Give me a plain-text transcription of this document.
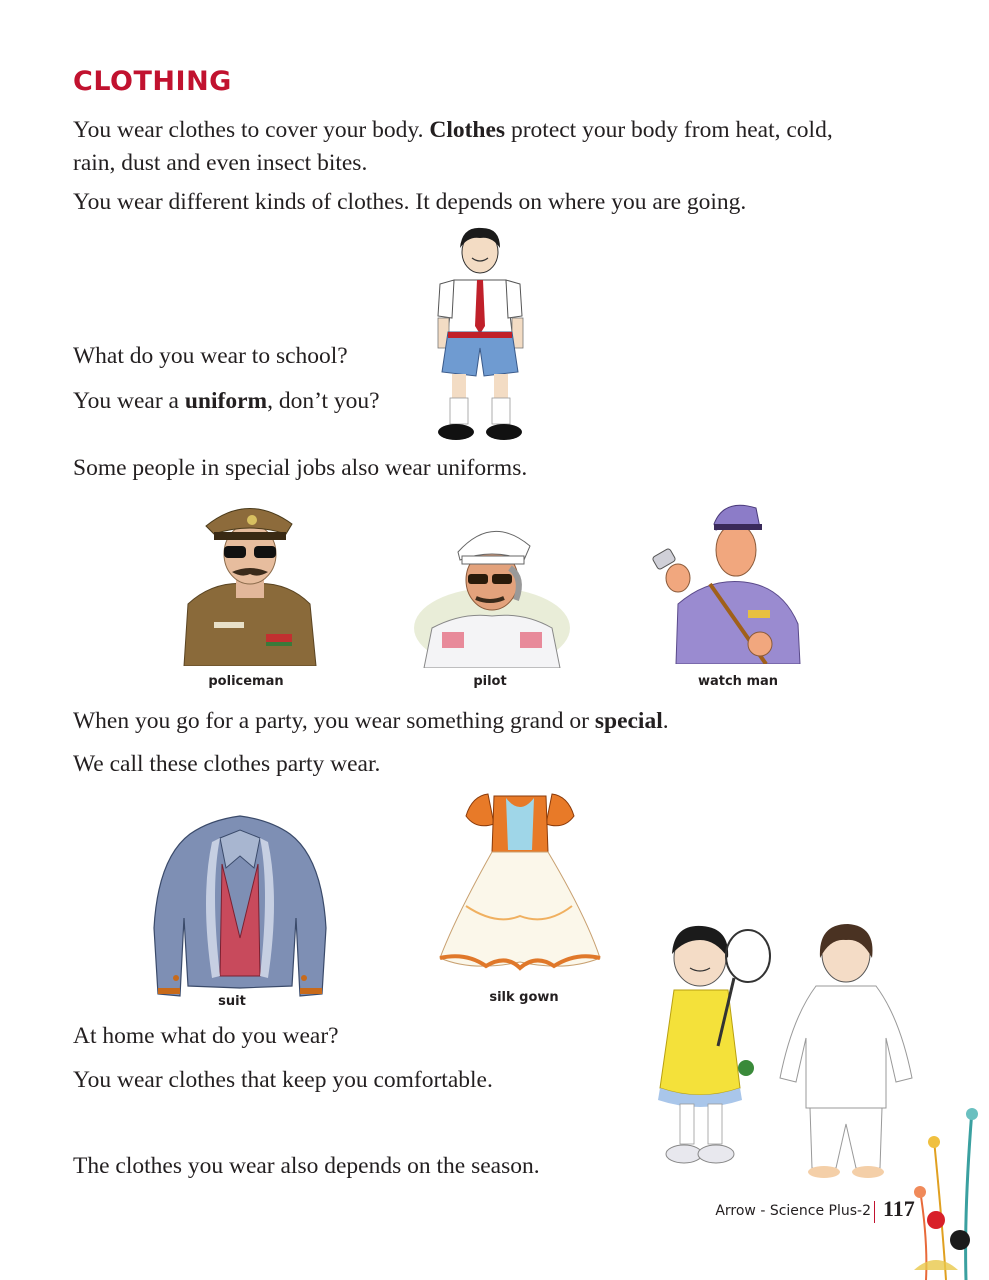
CLOTHING

You wear clothes to cover your body. Clothes protect your body from heat, cold,
rain, dust and even insect bites.

You wear different kinds of clothes. It depends on where you are going.

What do you wear to school?

You wear a uniform, don’t you?

Some people in special jobs also wear uniforms.

policeman	pilot	watch man

When you go for a party, you wear something grand or special.

We call these clothes party wear.

suit	silk gown

At home what do you wear?

You wear clothes that keep you comfortable.

The clothes you wear also depends on the season.

Arrow - Science Plus-2 117
